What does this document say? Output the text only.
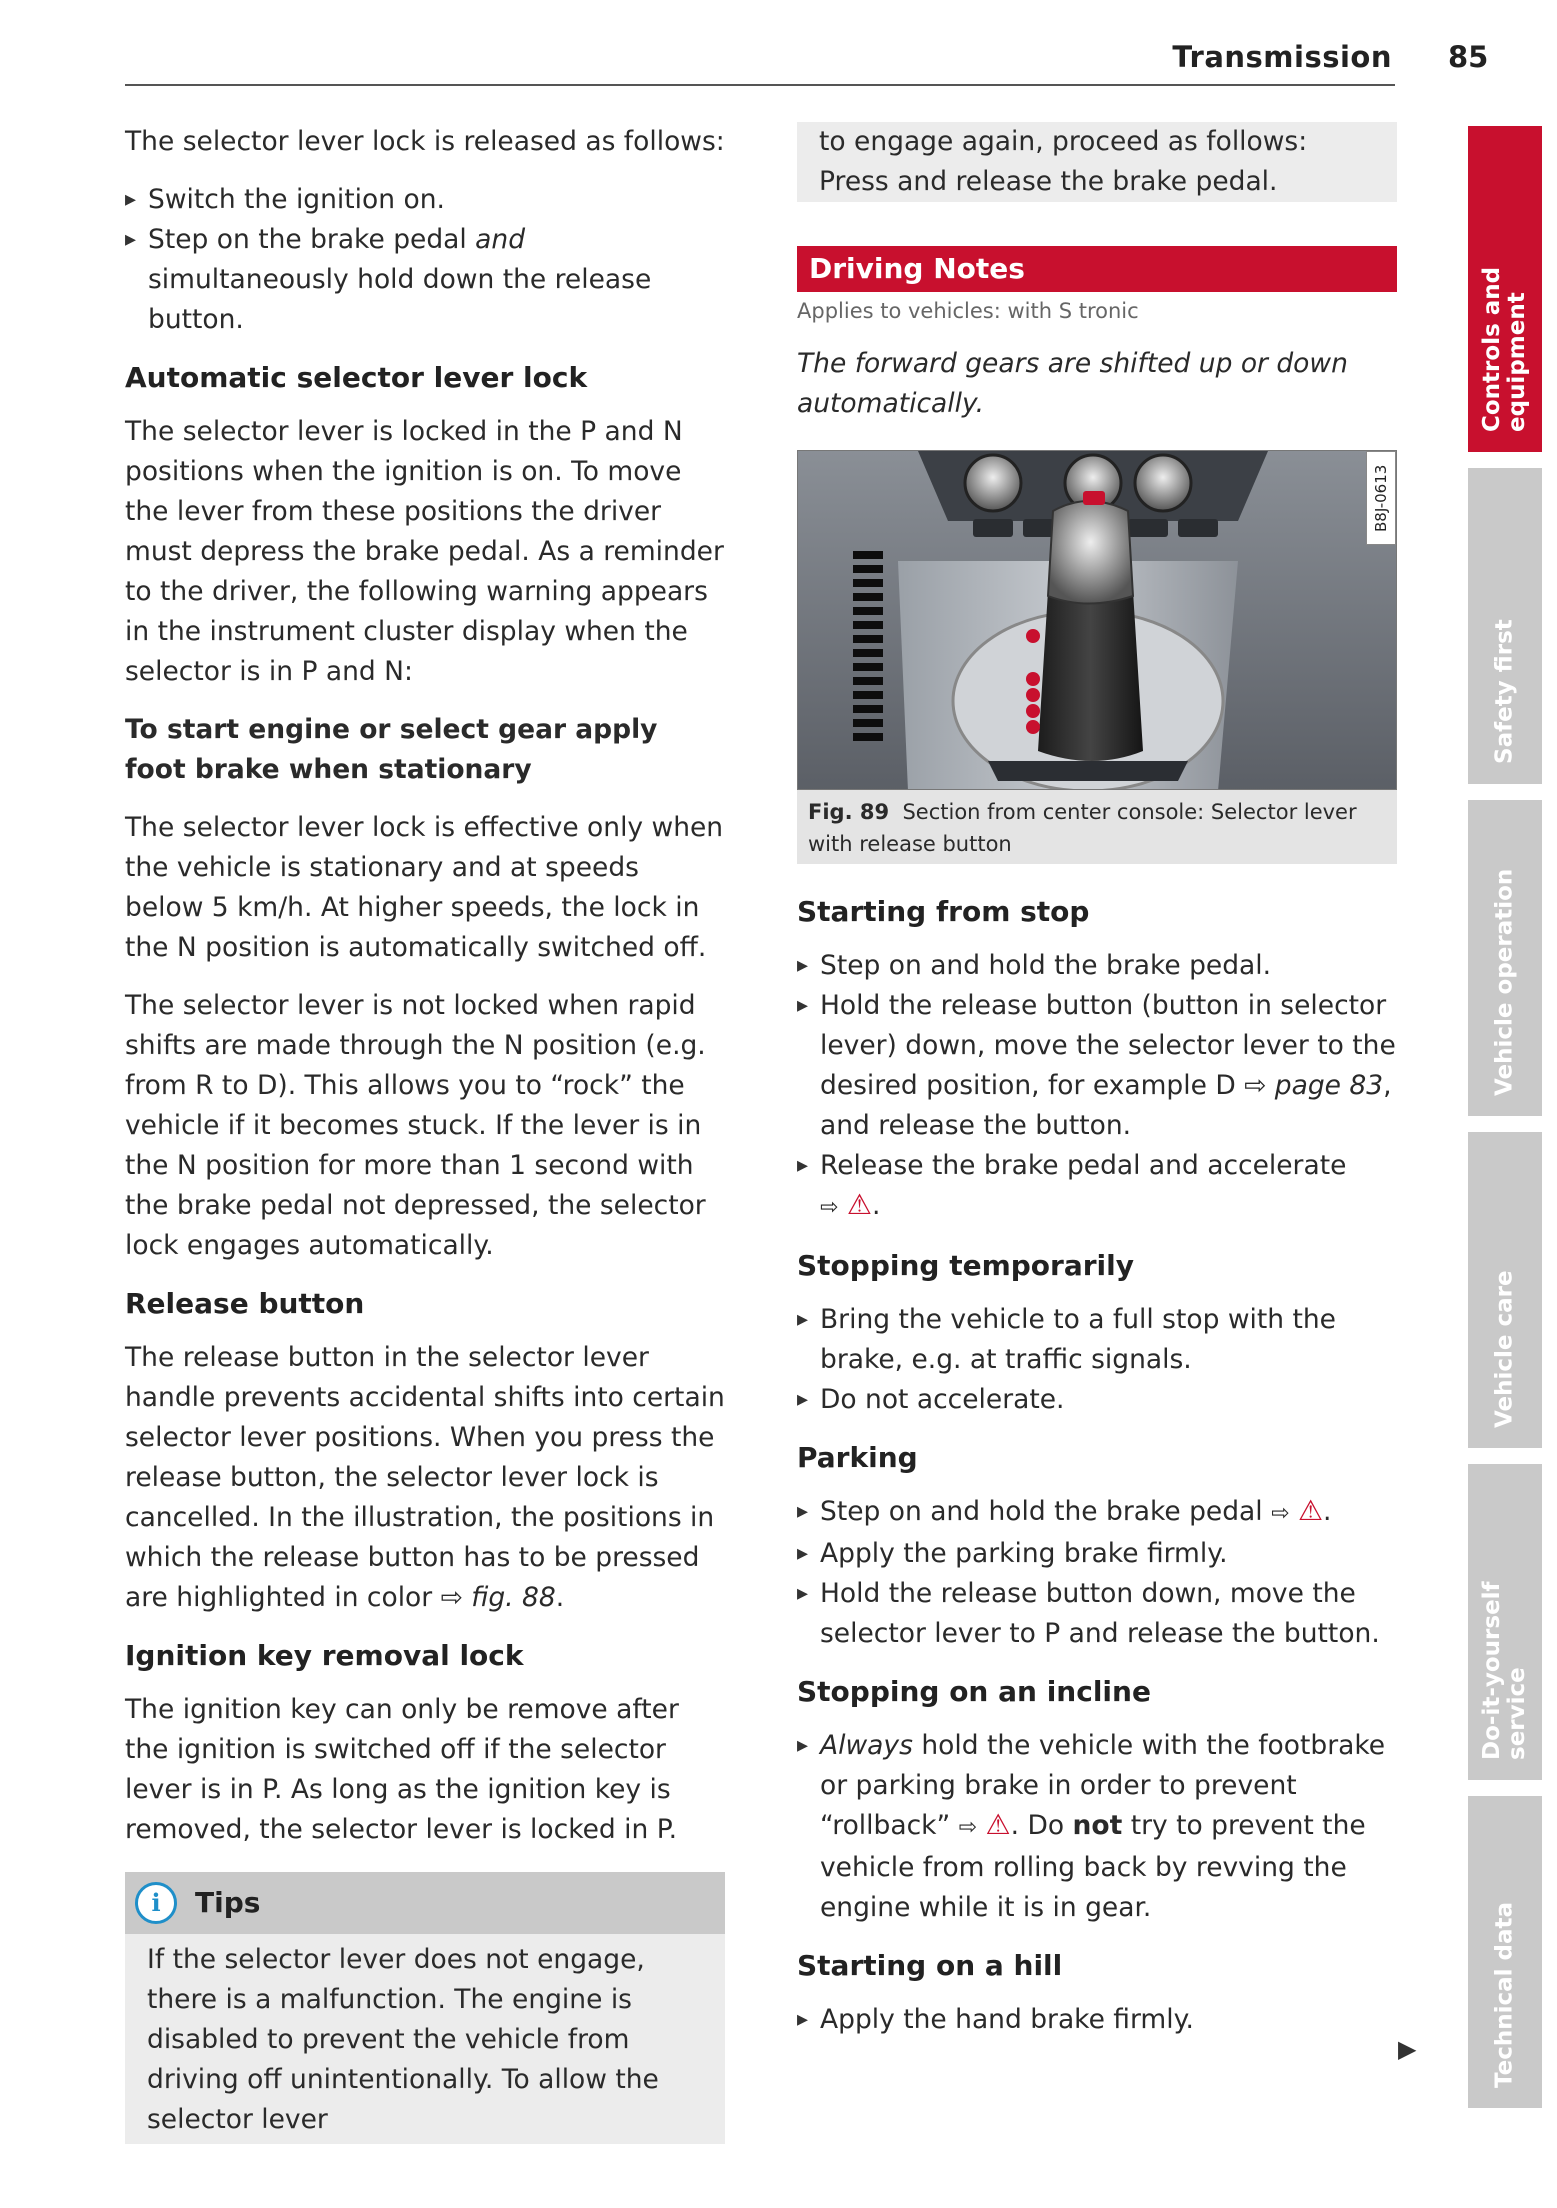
Transmission 85

The selector lever lock is released as follows:

▸ Switch the ignition on.
▸ Step on the brake pedal and simultaneously hold down the release button.
Automatic selector lever lock

The selector lever is locked in the P and N positions when the ignition is on. To move the lever from these positions the driver must depress the brake pedal. As a reminder to the driver, the following warning appears in the instrument cluster display when the selector is in P and N:

To start engine or select gear apply foot brake when stationary

The selector lever lock is effective only when the vehicle is stationary and at speeds below 5 km/h. At higher speeds, the lock in the N position is automatically switched off.

The selector lever is not locked when rapid shifts are made through the N position (e.g. from R to D). This allows you to “rock” the vehicle if it becomes stuck. If the lever is in the N position for more than 1 second with the brake pedal not depressed, the selector lock engages automatically.

Release button

The release button in the selector lever handle prevents accidental shifts into certain selector lever positions. When you press the release button, the selector lever lock is cancelled. In the illustration, the positions in which the release button has to be pressed are highlighted in color ⇨ fig. 88.

Ignition key removal lock

The ignition key can only be remove after the ignition is switched off if the selector lever is in P. As long as the ignition key is removed, the selector lever is locked in P.

i	Tips
If the selector lever does not engage, there is a malfunction. The engine is disabled to prevent the vehicle from driving off unintentionally. To allow the selector lever
to engage again, proceed as follows: Press and release the brake pedal.
Driving Notes
Applies to vehicles: with S tronic

The forward gears are shifted up or down automatically.

B8J-0613
Fig. 89 Section from center console: Selector lever with release button
Starting from stop
▸ Step on and hold the brake pedal.
▸ Hold the release button (button in selector lever) down, move the selector lever to the desired position, for example D ⇨ page 83, and release the button.
▸ Release the brake pedal and accelerate
⇨ ⚠.
Stopping temporarily
▸ Bring the vehicle to a full stop with the brake, e.g. at traffic signals.
▸ Do not accelerate.
Parking
▸ Step on and hold the brake pedal ⇨ ⚠.
▸ Apply the parking brake firmly.
▸ Hold the release button down, move the selector lever to P and release the button.
Stopping on an incline
▸ Always hold the vehicle with the footbrake or parking brake in order to prevent “rollback” ⇨ ⚠. Do not try to prevent the vehicle from rolling back by revving the engine while it is in gear.
Starting on a hill
▸ Apply the hand brake firmly.
▶
Controls and equipment
Safety first
Vehicle operation
Vehicle care
Do-it-yourself service
Technical data
